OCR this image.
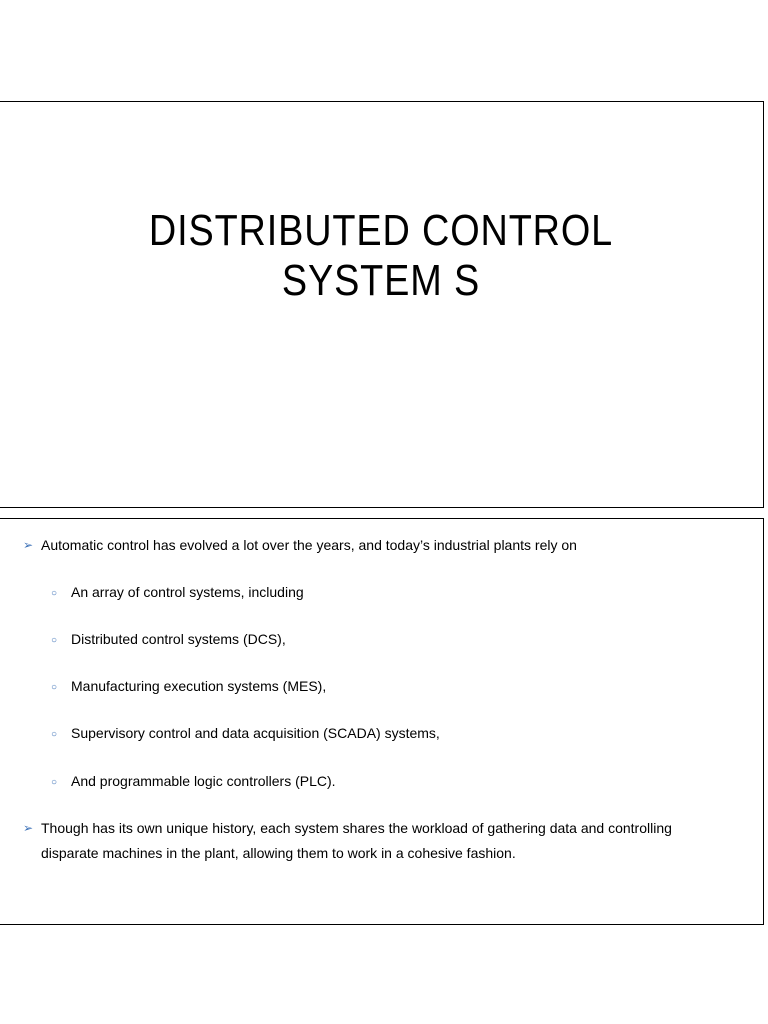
DISTRIBUTED CONTROL
SYSTEM S
➢ Automatic control has evolved a lot over the years, and today’s industrial plants rely on
○ An array of control systems, including
○ Distributed control systems (DCS),
○ Manufacturing execution systems (MES),
○ Supervisory control and data acquisition (SCADA) systems,
○ And programmable logic controllers (PLC).
➢ Though has its own unique history, each system shares the workload of gathering data and controlling disparate machines in the plant, allowing them to work in a cohesive fashion.
